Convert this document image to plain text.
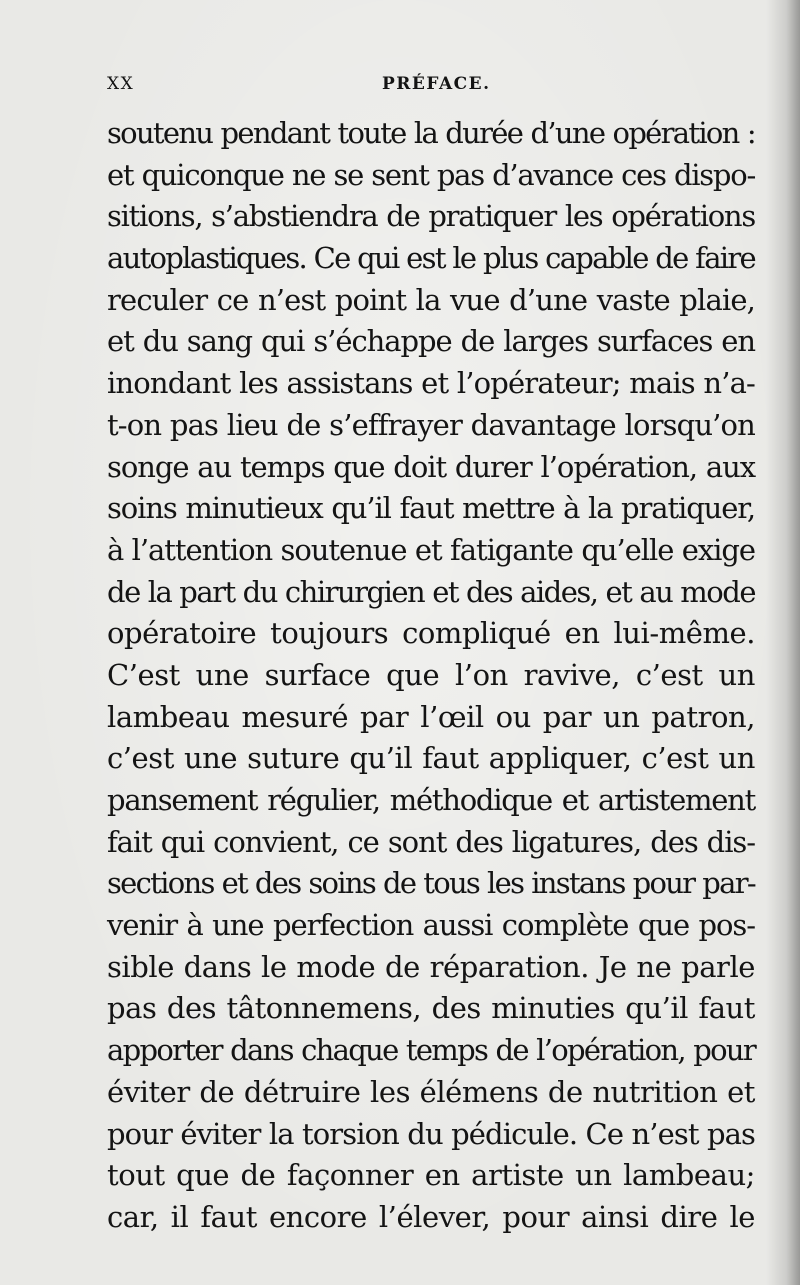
XX	PRÉFACE.
soutenu pendant toute la durée d’une opération :
et quiconque ne se sent pas d’avance ces dispo-
sitions, s’abstiendra de pratiquer les opérations
autoplastiques. Ce qui est le plus capable de faire
reculer ce n’est point la vue d’une vaste plaie,
et du sang qui s’échappe de larges surfaces en
inondant les assistans et l’opérateur; mais n’a-
t-on pas lieu de s’effrayer davantage lorsqu’on
songe au temps que doit durer l’opération, aux
soins minutieux qu’il faut mettre à la pratiquer,
à l’attention soutenue et fatigante qu’elle exige
de la part du chirurgien et des aides, et au mode
opératoire toujours compliqué en lui-même.
C’est une surface que l’on ravive, c’est un
lambeau mesuré par l’œil ou par un patron,
c’est une suture qu’il faut appliquer, c’est un
pansement régulier, méthodique et artistement
fait qui convient, ce sont des ligatures, des dis-
sections et des soins de tous les instans pour par-
venir à une perfection aussi complète que pos-
sible dans le mode de réparation. Je ne parle
pas des tâtonnemens, des minuties qu’il faut
apporter dans chaque temps de l’opération, pour
éviter de détruire les élémens de nutrition et
pour éviter la torsion du pédicule. Ce n’est pas
tout que de façonner en artiste un lambeau;
car, il faut encore l’élever, pour ainsi dire le
